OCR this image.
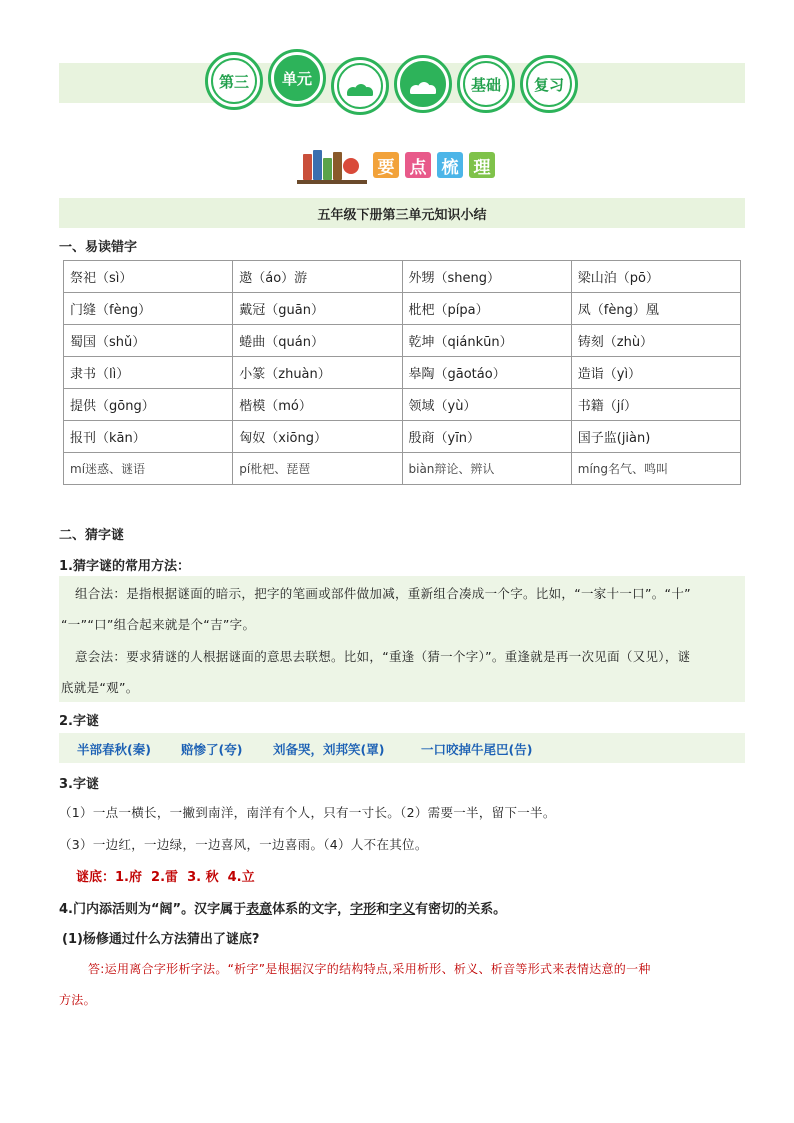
第三	单元	基础	复习
要 点 梳 理
五年级下册第三单元知识小结
一、易读错字
祭祀（sì）	遨（áo）游	外甥（sheng）	梁山泊（pō）
门缝（fèng）	戴冠（guān）	枇杷（pípa）	凤（fèng）凰
蜀国（shǔ）	蜷曲（quán）	乾坤（qiánkūn）	铸刻（zhù）
隶书（lì）	小篆（zhuàn）	皋陶（gāotáo）	造诣（yì）
提供（gōng）	楷模（mó）	领域（yù）	书籍（jí）
报刊（kān）	匈奴（xiōng）	殷商（yīn）	国子监(jiàn)
mí迷惑、谜语	pí枇杷、琵琶	biàn辩论、辨认	míng名气、鸣叫
二、猜字谜
1.猜字谜的常用方法：
组合法：是指根据谜面的暗示，把字的笔画或部件做加减，重新组合凑成一个字。比如，“一家十一口”。“十”
“一”“口”组合起来就是个“吉”字。
意会法：要求猜谜的人根据谜面的意思去联想。比如，“重逢（猜一个字）”。重逢就是再一次见面（又见），谜
底就是“观”。
2.字谜
半部春秋(秦) 赔惨了(夸) 刘备哭，刘邦笑(罩)	一口咬掉牛尾巴(告)
3.字谜
（1）一点一横长，一撇到南洋，南洋有个人，只有一寸长。（2）需要一半，留下一半。
（3）一边红，一边绿，一边喜风，一边喜雨。（4）人不在其位。
谜底：1.府  2.雷  3. 秋  4.立
4.门内添活则为“阔”。汉字属于表意体系的文字，字形和字义有密切的关系。
(1)杨修通过什么方法猜出了谜底?
答:运用离合字形析字法。“析字”是根据汉字的结构特点,采用析形、析义、析音等形式来表情达意的一种
方法。
